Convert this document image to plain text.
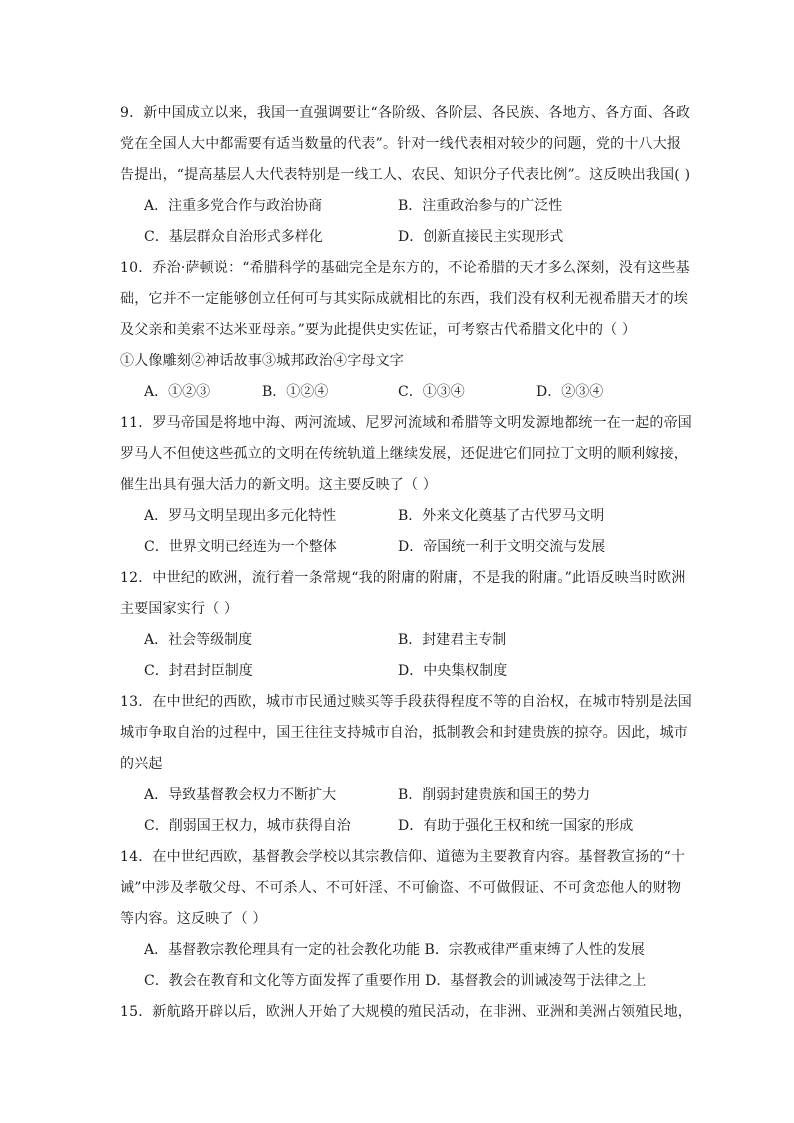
9．新中国成立以来，我国一直强调要让“各阶级、各阶层、各民族、各地方、各方面、各政
党在全国人大中都需要有适当数量的代表”。针对一线代表相对较少的问题，党的十八大报
告提出，“提高基层人大代表特别是一线工人、农民、知识分子代表比例”。这反映出我国( )
A．注重多党合作与政治协商	B．注重政治参与的广泛性
C．基层群众自治形式多样化	D．创新直接民主实现形式
10．乔治·萨顿说：“希腊科学的基础完全是东方的，不论希腊的天才多么深刻，没有这些基
础，它并不一定能够创立任何可与其实际成就相比的东西，我们没有权利无视希腊天才的埃
及父亲和美索不达米亚母亲。”要为此提供史实佐证，可考察古代希腊文化中的（ ）
①人像雕刻②神话故事③城邦政治④字母文字
A．①②③	B．①②④	C．①③④	D．②③④
11．罗马帝国是将地中海、两河流域、尼罗河流域和希腊等文明发源地都统一在一起的帝国
罗马人不但使这些孤立的文明在传统轨道上继续发展，还促进它们同拉丁文明的顺利嫁接，
催生出具有强大活力的新文明。这主要反映了（ ）
A．罗马文明呈现出多元化特性	B．外来文化奠基了古代罗马文明
C．世界文明已经连为一个整体	D．帝国统一利于文明交流与发展
12．中世纪的欧洲，流行着一条常规“我的附庸的附庸，不是我的附庸。”此语反映当时欧洲
主要国家实行（ ）
A．社会等级制度	B．封建君主专制
C．封君封臣制度	D．中央集权制度
13．在中世纪的西欧，城市市民通过赎买等手段获得程度不等的自治权，在城市特别是法国
城市争取自治的过程中，国王往往支持城市自治，抵制教会和封建贵族的掠夺。因此，城市
的兴起
A．导致基督教会权力不断扩大	B．削弱封建贵族和国王的势力
C．削弱国王权力，城市获得自治	D．有助于强化王权和统一国家的形成
14．在中世纪西欧，基督教会学校以其宗教信仰、道德为主要教育内容。基督教宣扬的“十
诫”中涉及孝敬父母、不可杀人、不可奸淫、不可偷盗、不可做假证、不可贪恋他人的财物
等内容。这反映了（ ）
A．基督教宗教伦理具有一定的社会教化功能 B．宗教戒律严重束缚了人性的发展
C．教会在教育和文化等方面发挥了重要作用 D．基督教会的训诫凌驾于法律之上
15．新航路开辟以后，欧洲人开始了大规模的殖民活动，在非洲、亚洲和美洲占领殖民地，
